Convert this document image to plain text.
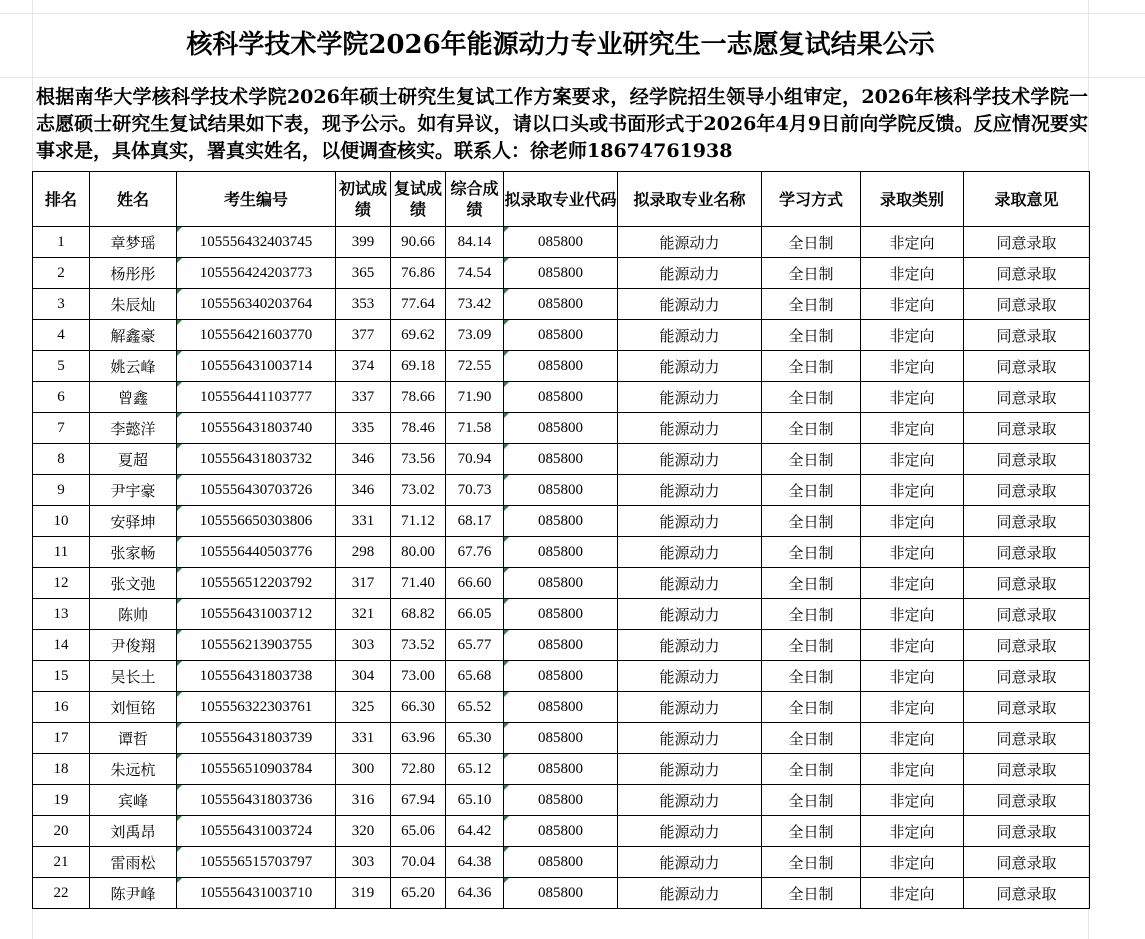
核科学技术学院2026年能源动力专业研究生一志愿复试结果公示
根据南华大学核科学技术学院2026年硕士研究生复试工作方案要求，经学院招生领导小组审定，2026年核科学技术学院一志愿硕士研究生复试结果如下表，现予公示。如有异议，请以口头或书面形式于2026年4月9日前向学院反馈。反应情况要实事求是，具体真实，署真实姓名，以便调查核实。联系人：徐老师18674761938
排名	姓名	考生编号	初试成绩	复试成绩	综合成绩	拟录取专业代码	拟录取专业名称	学习方式	录取类别	录取意见
1	章梦瑶	105556432403745	399	90.66	84.14	085800	能源动力	全日制	非定向	同意录取
2	杨彤彤	105556424203773	365	76.86	74.54	085800	能源动力	全日制	非定向	同意录取
3	朱辰灿	105556340203764	353	77.64	73.42	085800	能源动力	全日制	非定向	同意录取
4	解鑫豪	105556421603770	377	69.62	73.09	085800	能源动力	全日制	非定向	同意录取
5	姚云峰	105556431003714	374	69.18	72.55	085800	能源动力	全日制	非定向	同意录取
6	曾鑫	105556441103777	337	78.66	71.90	085800	能源动力	全日制	非定向	同意录取
7	李懿洋	105556431803740	335	78.46	71.58	085800	能源动力	全日制	非定向	同意录取
8	夏超	105556431803732	346	73.56	70.94	085800	能源动力	全日制	非定向	同意录取
9	尹宇豪	105556430703726	346	73.02	70.73	085800	能源动力	全日制	非定向	同意录取
10	安驿坤	105556650303806	331	71.12	68.17	085800	能源动力	全日制	非定向	同意录取
11	张家畅	105556440503776	298	80.00	67.76	085800	能源动力	全日制	非定向	同意录取
12	张文弛	105556512203792	317	71.40	66.60	085800	能源动力	全日制	非定向	同意录取
13	陈帅	105556431003712	321	68.82	66.05	085800	能源动力	全日制	非定向	同意录取
14	尹俊翔	105556213903755	303	73.52	65.77	085800	能源动力	全日制	非定向	同意录取
15	吴长土	105556431803738	304	73.00	65.68	085800	能源动力	全日制	非定向	同意录取
16	刘恒铭	105556322303761	325	66.30	65.52	085800	能源动力	全日制	非定向	同意录取
17	谭哲	105556431803739	331	63.96	65.30	085800	能源动力	全日制	非定向	同意录取
18	朱远杭	105556510903784	300	72.80	65.12	085800	能源动力	全日制	非定向	同意录取
19	宾峰	105556431803736	316	67.94	65.10	085800	能源动力	全日制	非定向	同意录取
20	刘禹昂	105556431003724	320	65.06	64.42	085800	能源动力	全日制	非定向	同意录取
21	雷雨松	105556515703797	303	70.04	64.38	085800	能源动力	全日制	非定向	同意录取
22	陈尹峰	105556431003710	319	65.20	64.36	085800	能源动力	全日制	非定向	同意录取
